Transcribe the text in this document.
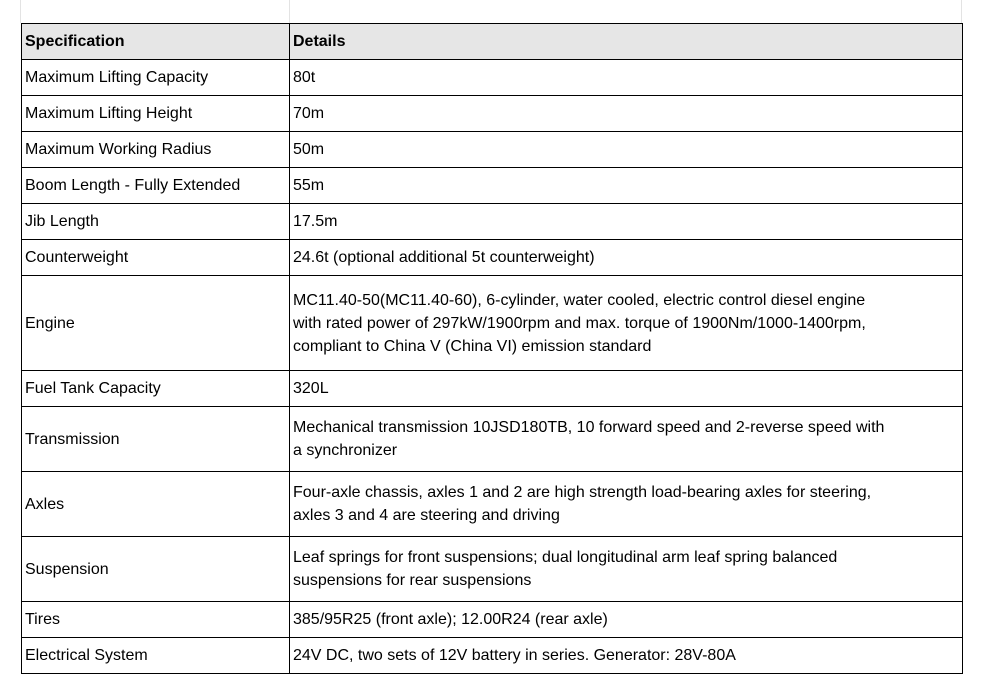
Specification	Details
Maximum Lifting Capacity	80t
Maximum Lifting Height	70m
Maximum Working Radius	50m
Boom Length - Fully Extended	55m
Jib Length	17.5m
Counterweight	24.6t (optional additional 5t counterweight)
Engine	MC11.40-50(MC11.40-60), 6-cylinder, water cooled, electric control diesel engine
with rated power of 297kW/1900rpm and max. torque of 1900Nm/1000-1400rpm,
compliant to China V (China VI) emission standard

Fuel Tank Capacity	320L
Transmission	Mechanical transmission 10JSD180TB, 10 forward speed and 2-reverse speed with
a synchronizer

Axles	Four-axle chassis, axles 1 and 2 are high strength load-bearing axles for steering,
axles 3 and 4 are steering and driving

Suspension	Leaf springs for front suspensions; dual longitudinal arm leaf spring balanced
suspensions for rear suspensions

Tires	385/95R25 (front axle); 12.00R24 (rear axle)
Electrical System	24V DC, two sets of 12V battery in series. Generator: 28V-80A
